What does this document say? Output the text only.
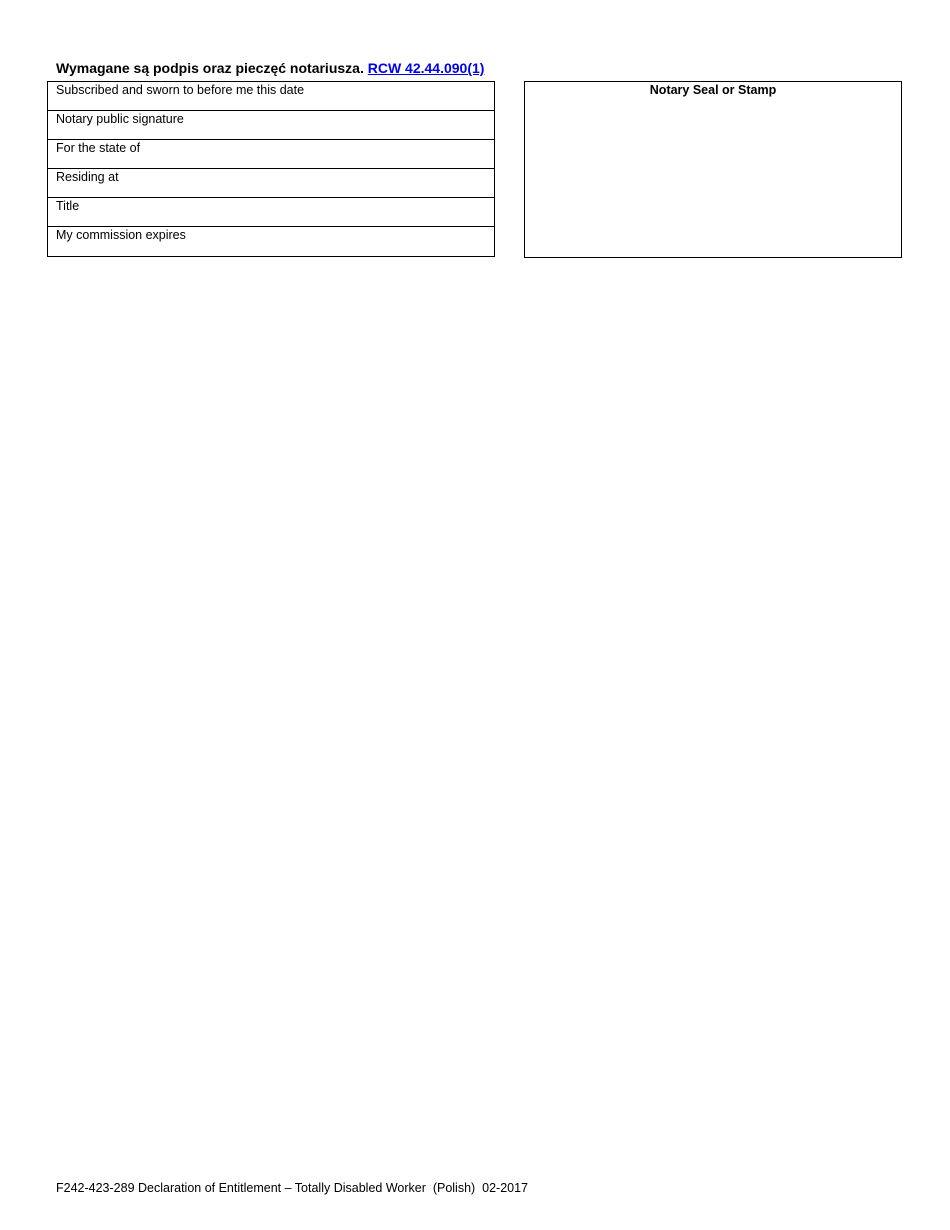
Wymagane są podpis oraz pieczęć notariusza. RCW 42.44.090(1)
Subscribed and sworn to before me this date
Notary public signature
For the state of
Residing at
Title
My commission expires
Notary Seal or Stamp
F242-423-289 Declaration of Entitlement – Totally Disabled Worker  (Polish)  02-2017
